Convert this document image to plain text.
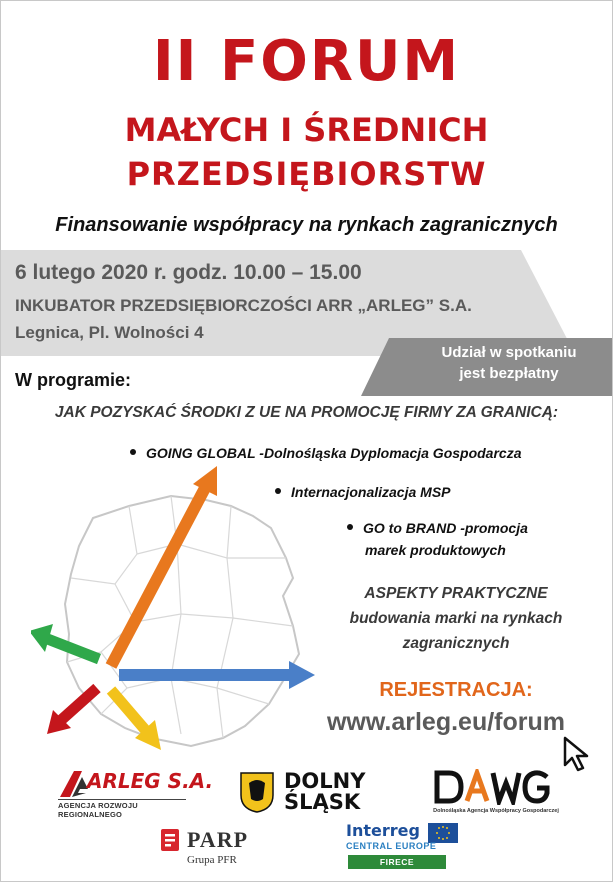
II FORUM
MAŁYCH I ŚREDNICH
PRZEDSIĘBIORSTW
Finansowanie współpracy na rynkach zagranicznych
6 lutego 2020 r. godz. 10.00 – 15.00
INKUBATOR PRZEDSIĘBIORCZOŚCI ARR „ARLEG” S.A.
Legnica, Pl. Wolności 4
Udział w spotkaniu
jest bezpłatny
W programie:
JAK POZYSKAĆ ŚRODKI Z UE NA PROMOCJĘ FIRMY ZA GRANICĄ:
GOING GLOBAL -Dolnośląska Dyplomacja Gospodarcza
Internacjonalizacja MSP
GO to BRAND -promocja
marek produktowych
ASPEKTY PRAKTYCZNE
budowania marki na rynkach
zagranicznych
REJESTRACJA:
www.arleg.eu/forum
ARLEG S.A.
AGENCJA ROZWOJU REGIONALNEGO
DOLNY
ŚLĄSK	Dolnośląska Agencja Współpracy Gospodarczej
PARP
Grupa PFR
Interreg
CENTRAL EUROPE
FIRECE
